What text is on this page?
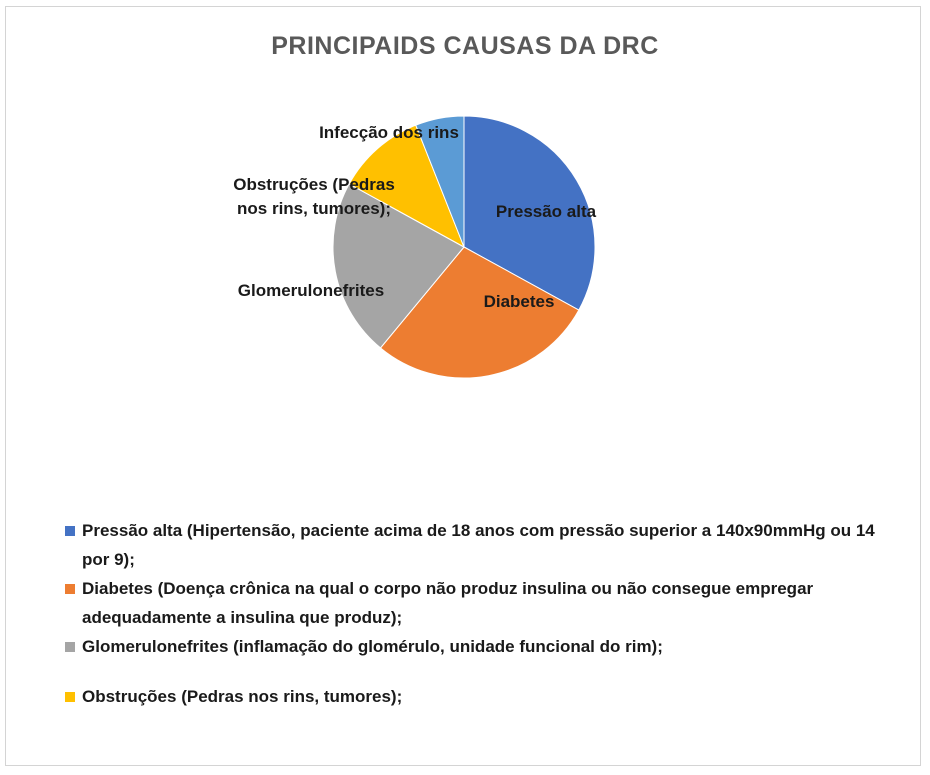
PRINCIPAIDS CAUSAS DA DRC
Pressão alta
Diabetes
Glomerulonefrites
Obstruções (Pedras nos rins, tumores);
Infecção dos rins
Pressão alta (Hipertensão, paciente acima de 18 anos com pressão superior a 140x90mmHg ou 14 por 9);
Diabetes (Doença crônica na qual o corpo não produz insulina ou não consegue empregar adequadamente a insulina que produz);
Glomerulonefrites (inflamação do glomérulo, unidade funcional do rim);
Obstruções (Pedras nos rins, tumores);
